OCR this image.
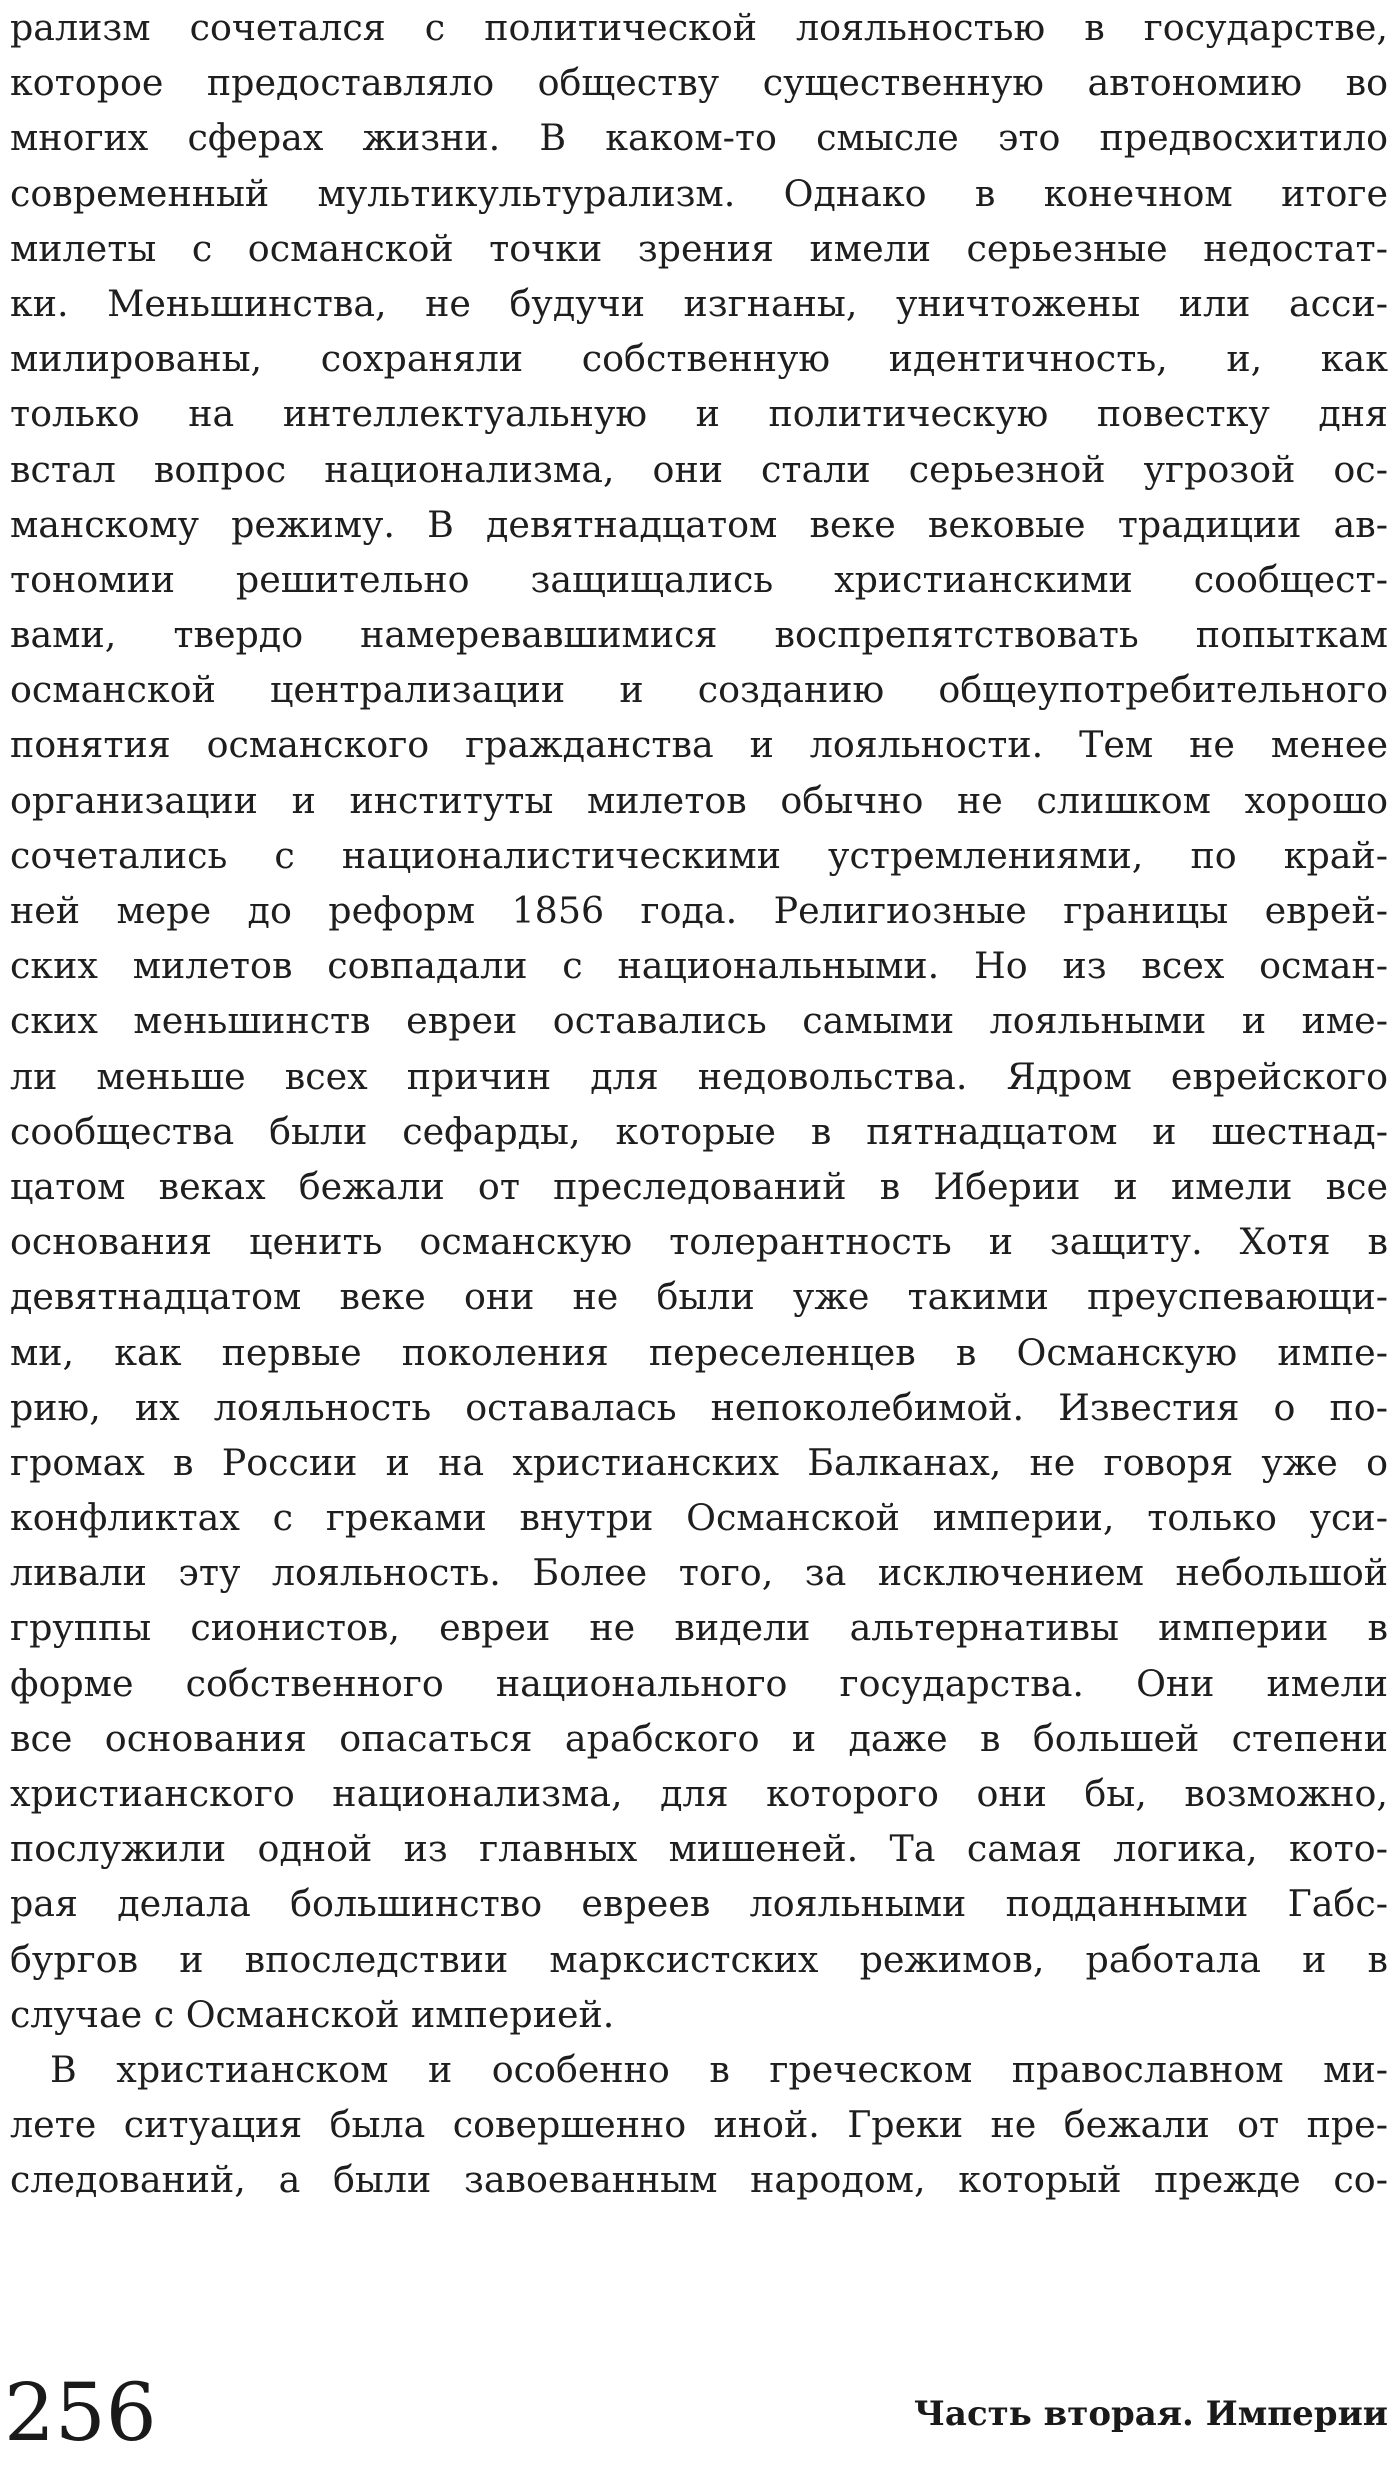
рализм сочетался с политической лояльностью в государстве,
которое предоставляло обществу существенную автономию во
многих сферах жизни. В каком-то смысле это предвосхитило
современный мультикультурализм. Однако в конечном итоге
милеты с османской точки зрения имели серьезные недостат-
ки. Меньшинства, не будучи изгнаны, уничтожены или асси-
милированы, сохраняли собственную идентичность, и, как
только на интеллектуальную и политическую повестку дня
встал вопрос национализма, они стали серьезной угрозой ос-
манскому режиму. В девятнадцатом веке вековые традиции ав-
тономии решительно защищались христианскими сообщест-
вами, твердо намеревавшимися воспрепятствовать попыткам
османской централизации и созданию общеупотребительного
понятия османского гражданства и лояльности. Тем не менее
организации и институты милетов обычно не слишком хорошо
сочетались с националистическими устремлениями, по край-
ней мере до реформ 1856 года. Религиозные границы еврей-
ских милетов совпадали с национальными. Но из всех осман-
ских меньшинств евреи оставались самыми лояльными и име-
ли меньше всех причин для недовольства. Ядром еврейского
сообщества были сефарды, которые в пятнадцатом и шестнад-
цатом веках бежали от преследований в Иберии и имели все
основания ценить османскую толерантность и защиту. Хотя в
девятнадцатом веке они не были уже такими преуспевающи-
ми, как первые поколения переселенцев в Османскую импе-
рию, их лояльность оставалась непоколебимой. Известия о по-
громах в России и на христианских Балканах, не говоря уже о
конфликтах с греками внутри Османской империи, только уси-
ливали эту лояльность. Более того, за исключением небольшой
группы сионистов, евреи не видели альтернативы империи в
форме собственного национального государства. Они имели
все основания опасаться арабского и даже в большей степени
христианского национализма, для которого они бы, возможно,
послужили одной из главных мишеней. Та самая логика, кото-
рая делала большинство евреев лояльными подданными Габс-
бургов и впоследствии марксистских режимов, работала и в
случае с Османской империей.
В христианском и особенно в греческом православном ми-
лете ситуация была совершенно иной. Греки не бежали от пре-
следований, а были завоеванным народом, который прежде со-
256	Часть вторая. Империи
